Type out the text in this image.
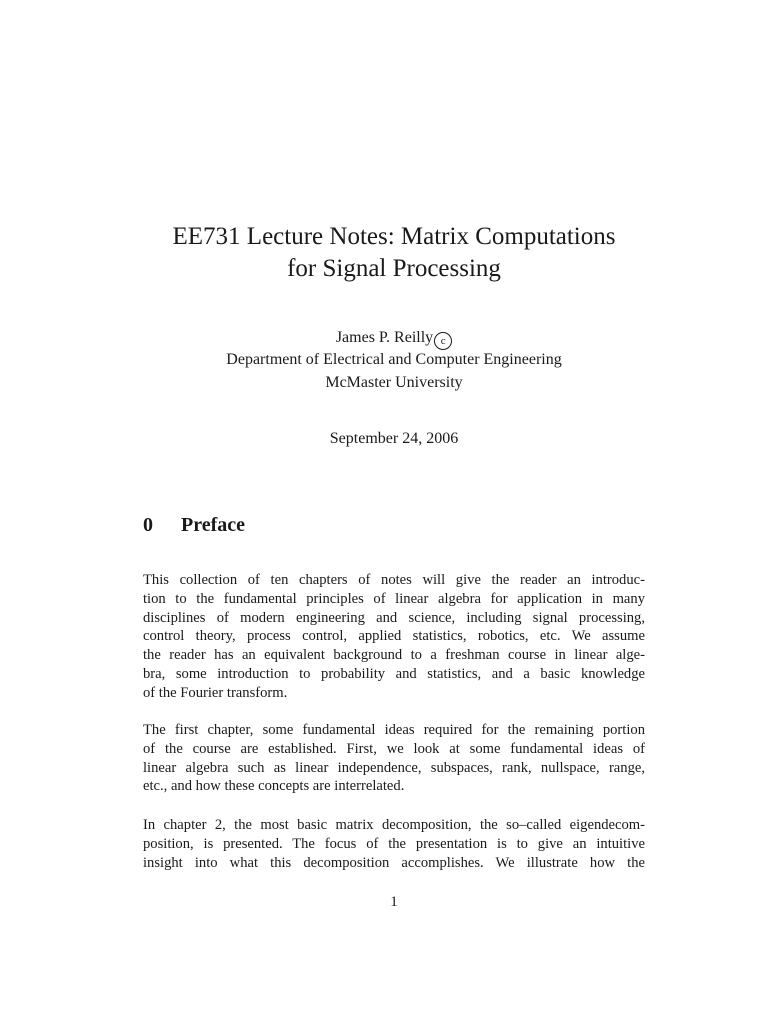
EE731 Lecture Notes: Matrix Computations
for Signal Processing
James P. Reilly c
Department of Electrical and Computer Engineering
McMaster University
September 24, 2006
0 Preface
This collection of ten chapters of notes will give the reader an introduc-
tion to the fundamental principles of linear algebra for application in many
disciplines of modern engineering and science, including signal processing,
control theory, process control, applied statistics, robotics, etc. We assume
the reader has an equivalent background to a freshman course in linear alge-
bra, some introduction to probability and statistics, and a basic knowledge
of the Fourier transform.
The first chapter, some fundamental ideas required for the remaining portion
of the course are established. First, we look at some fundamental ideas of
linear algebra such as linear independence, subspaces, rank, nullspace, range,
etc., and how these concepts are interrelated.
In chapter 2, the most basic matrix decomposition, the so–called eigendecom-
position, is presented. The focus of the presentation is to give an intuitive
insight into what this decomposition accomplishes. We illustrate how the
1
